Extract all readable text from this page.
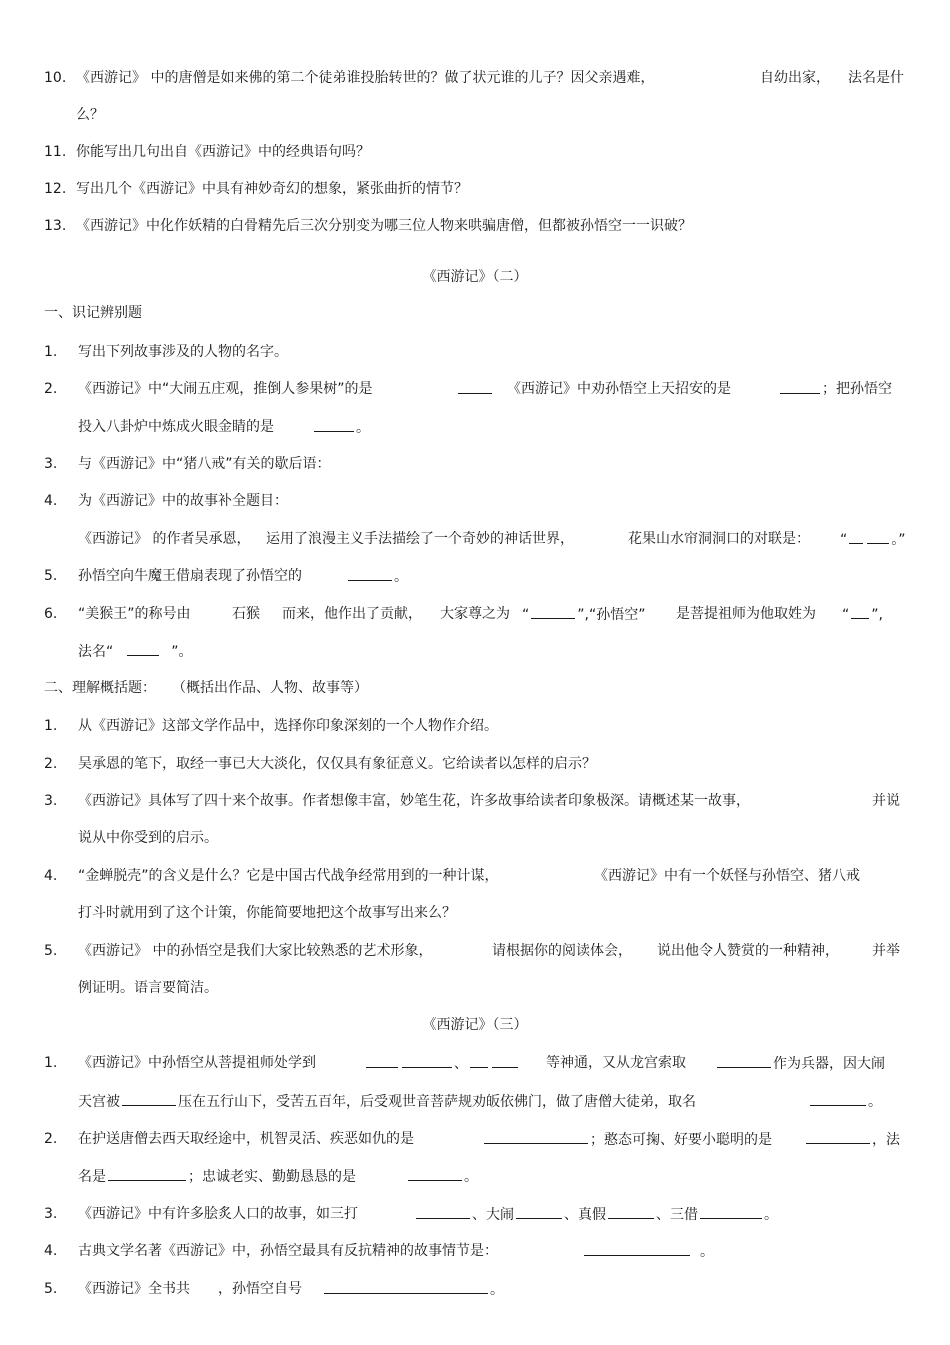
10. 《西游记》 中的唐僧是如来佛的第二个徒弟谁投胎转世的？做了状元谁的儿子？因父亲遇难，	自幼出家， 法名是什
么？
11. 你能写出几句出自《西游记》中的经典语句吗？
12. 写出几个《西游记》中具有神妙奇幻的想象，紧张曲折的情节？
13. 《西游记》中化作妖精的白骨精先后三次分别变为哪三位人物来哄骗唐僧，但都被孙悟空一一识破？
《西游记》（二）
一、识记辨别题
1. 写出下列故事涉及的人物的名字。
2. 《西游记》中“大闹五庄观，推倒人参果树”的是	《西游记》中劝孙悟空上天招安的是	；把孙悟空
投入八卦炉中炼成火眼金睛的是	。
3. 与《西游记》中“猪八戒”有关的歇后语：
4. 为《西游记》中的故事补全题目：
《西游记》 的作者吴承恩， 运用了浪漫主义手法描绘了一个奇妙的神话世界，	花果山水帘洞洞口的对联是： “	。”
5. 孙悟空向牛魔王借扇表现了孙悟空的	。
6. “美猴王”的称号由	石猴 而来，他作出了贡献， 大家尊之为 “	”,“孙悟空” 是菩提祖师为他取姓为 “ ”,
法名“	”。
二、理解概括题： （概括出作品、人物、故事等）
1. 从《西游记》这部文学作品中，选择你印象深刻的一个人物作介绍。
2. 吴承恩的笔下，取经一事已大大淡化，仅仅具有象征意义。它给读者以怎样的启示？
3. 《西游记》具体写了四十来个故事。作者想像丰富，妙笔生花，许多故事给读者印象极深。请概述某一故事，	并说
说从中你受到的启示。
4. “金蝉脱壳”的含义是什么？它是中国古代战争经常用到的一种计谋，	《西游记》中有一个妖怪与孙悟空、猪八戒
打斗时就用到了这个计策，你能简要地把这个故事写出来么？
5. 《西游记》 中的孙悟空是我们大家比较熟悉的艺术形象，	请根据你的阅读体会， 说出他令人赞赏的一种精神， 并举
例证明。语言要简洁。
《西游记》（三）
1. 《西游记》中孙悟空从菩提祖师处学到	、	等神通，又从龙宫索取	作为兵器，因大闹
天宫被	压在五行山下，受苦五百年，后受观世音菩萨规劝皈依佛门，做了唐僧大徒弟，取名	。
2. 在护送唐僧去西天取经途中，机智灵活、疾恶如仇的是	；憨态可掬、好要小聪明的是	，法
名是	；忠诚老实、勤勤恳恳的是	。
3. 《西游记》中有许多脍炙人口的故事，如三打	、大闹	、真假	、三借	。
4. 古典文学名著《西游记》中，孙悟空最具有反抗精神的故事情节是：	。
5. 《西游记》全书共 ，孙悟空自号	。
